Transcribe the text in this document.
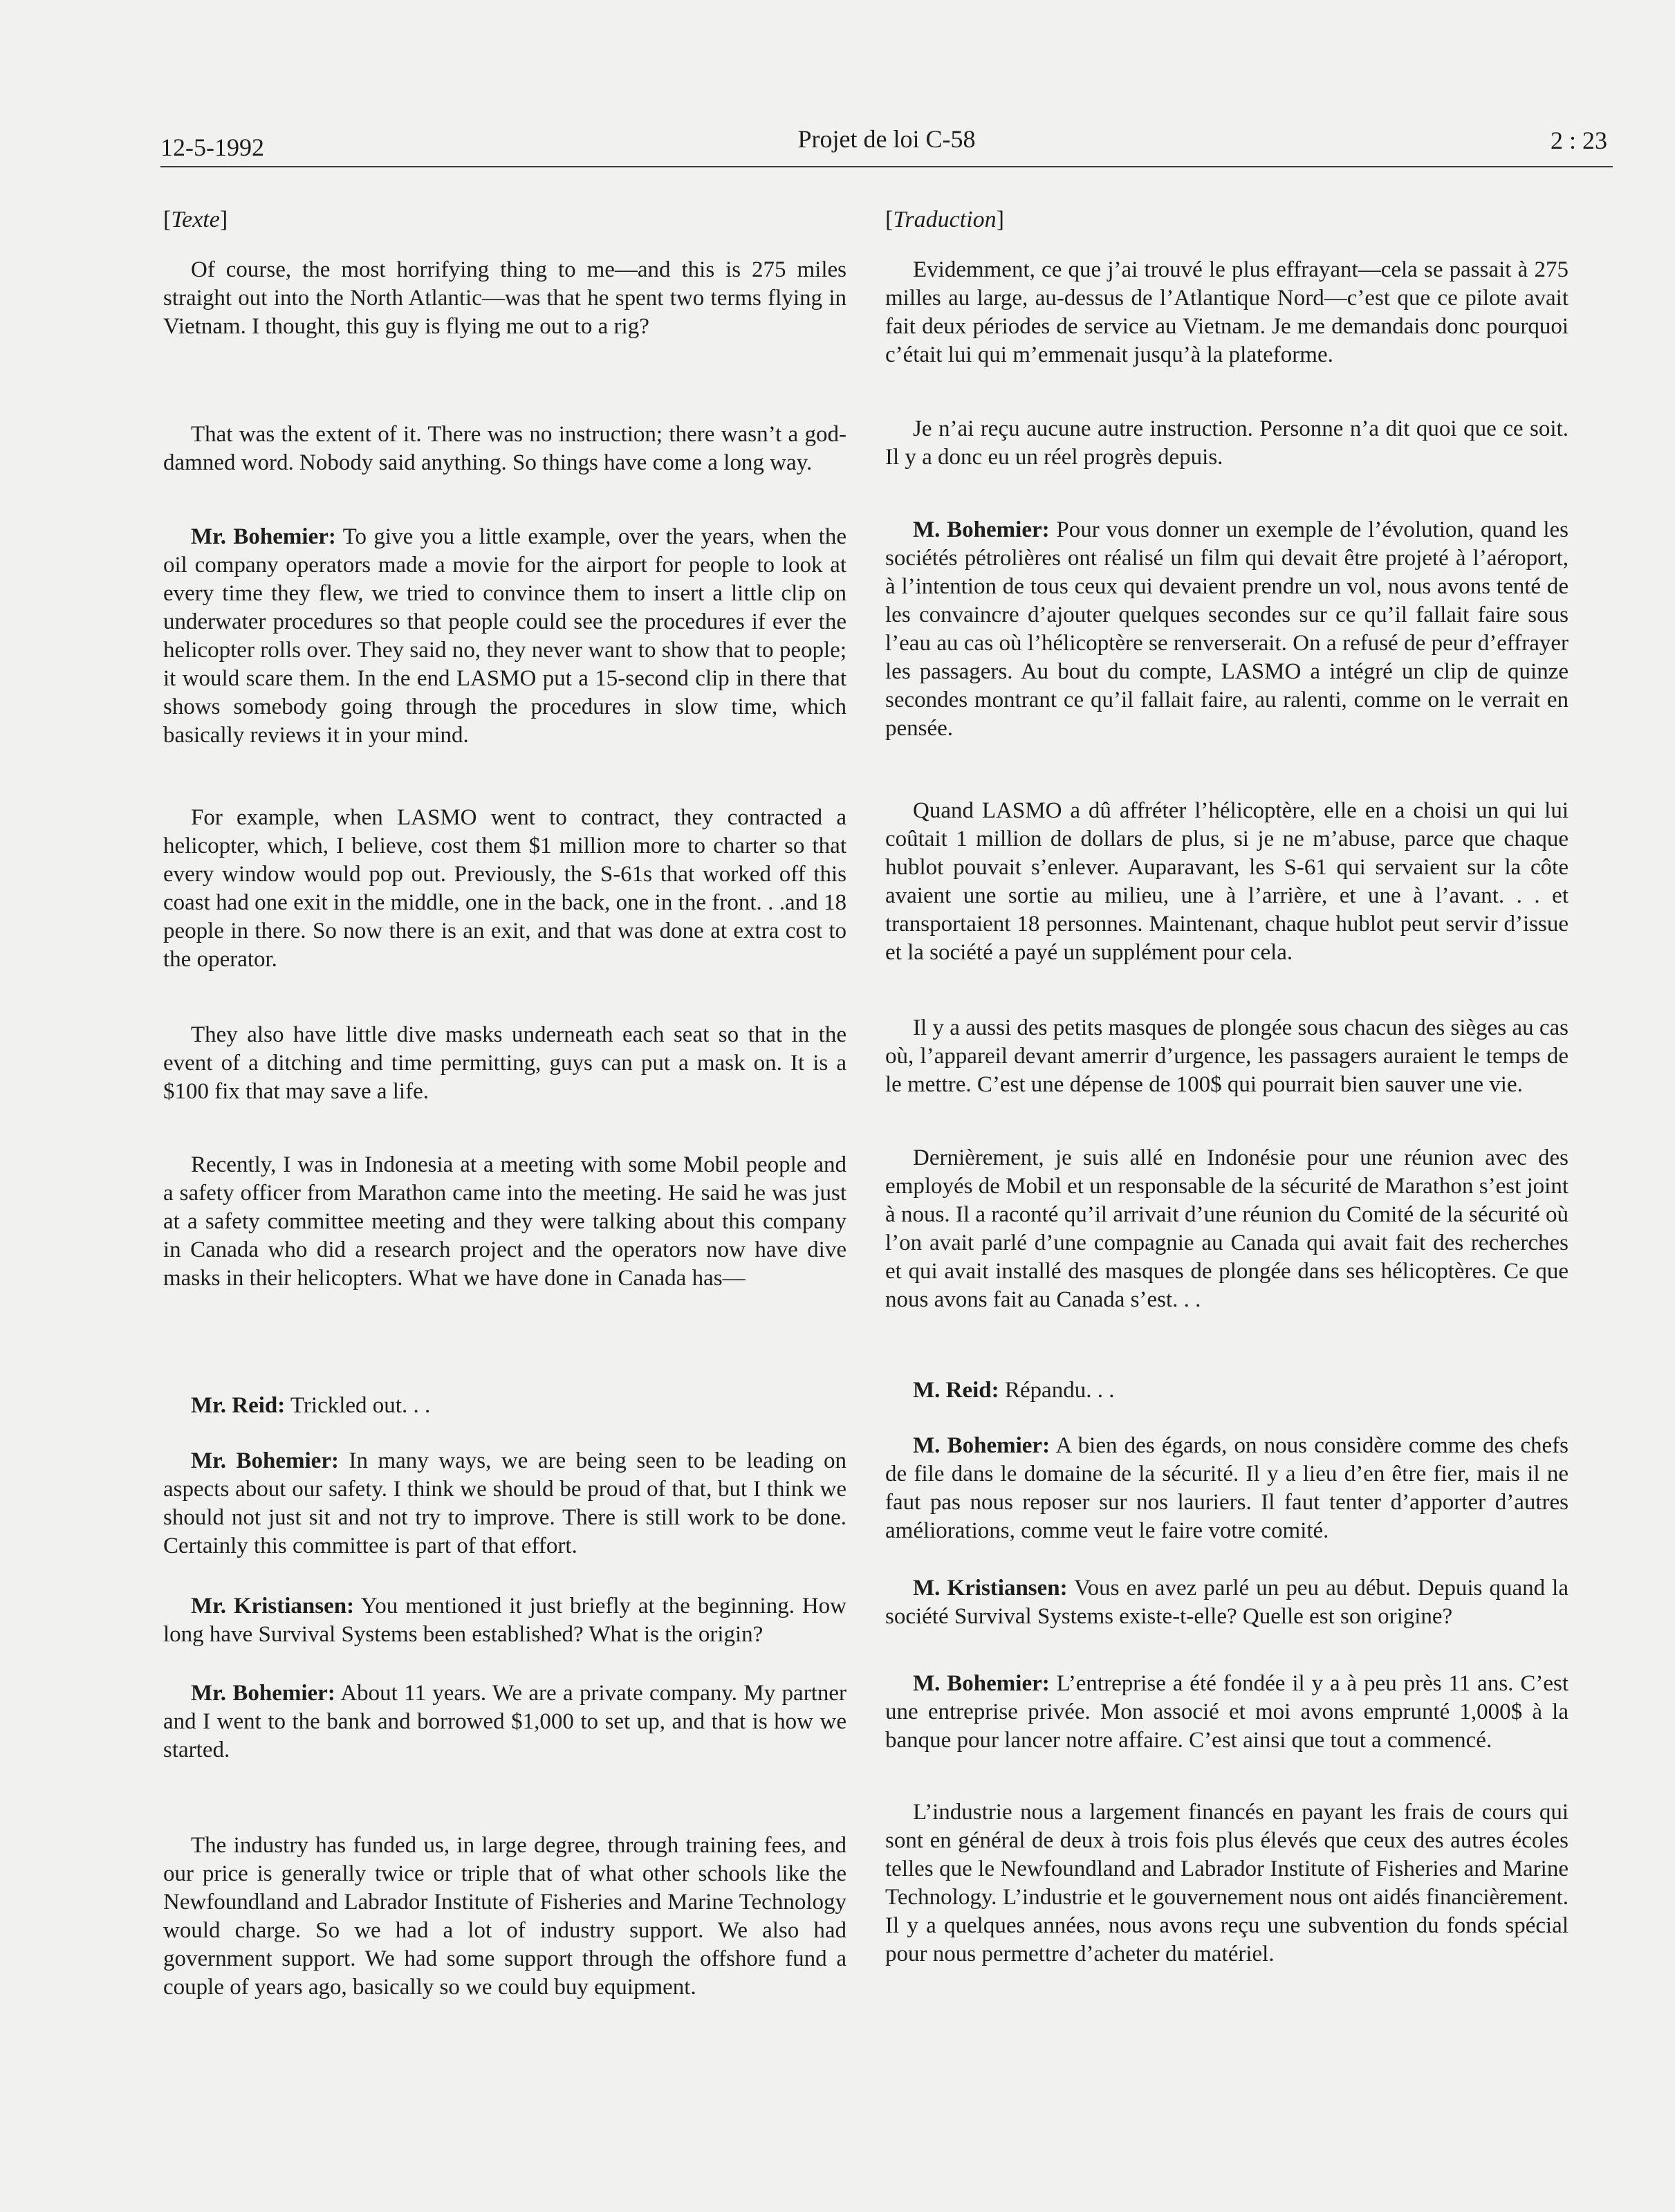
12-5-1992	Projet de loi C-58	2 : 23
[Texte]

Of course, the most horrifying thing to me—and this is 275 miles straight out into the North Atlantic—was that he spent two terms flying in Vietnam. I thought, this guy is flying me out to a rig?

That was the extent of it. There was no instruction; there wasn’t a god-damned word. Nobody said anything. So things have come a long way.

Mr. Bohemier: To give you a little example, over the years, when the oil company operators made a movie for the airport for people to look at every time they flew, we tried to convince them to insert a little clip on underwater procedures so that people could see the procedures if ever the helicopter rolls over. They said no, they never want to show that to people; it would scare them. In the end LASMO put a 15-second clip in there that shows somebody going through the procedures in slow time, which basically reviews it in your mind.

For example, when LASMO went to contract, they contracted a helicopter, which, I believe, cost them $1 million more to charter so that every window would pop out. Previously, the S-61s that worked off this coast had one exit in the middle, one in the back, one in the front. . .and 18 people in there. So now there is an exit, and that was done at extra cost to the operator.

They also have little dive masks underneath each seat so that in the event of a ditching and time permitting, guys can put a mask on. It is a $100 fix that may save a life.

Recently, I was in Indonesia at a meeting with some Mobil people and a safety officer from Marathon came into the meeting. He said he was just at a safety committee meeting and they were talking about this company in Canada who did a research project and the operators now have dive masks in their helicopters. What we have done in Canada has—

Mr. Reid: Trickled out. . .

Mr. Bohemier: In many ways, we are being seen to be leading on aspects about our safety. I think we should be proud of that, but I think we should not just sit and not try to improve. There is still work to be done. Certainly this committee is part of that effort.

Mr. Kristiansen: You mentioned it just briefly at the beginning. How long have Survival Systems been established? What is the origin?

Mr. Bohemier: About 11 years. We are a private company. My partner and I went to the bank and borrowed $1,000 to set up, and that is how we started.

The industry has funded us, in large degree, through training fees, and our price is generally twice or triple that of what other schools like the Newfoundland and Labrador Institute of Fisheries and Marine Technology would charge. So we had a lot of industry support. We also had government support. We had some support through the offshore fund a couple of years ago, basically so we could buy equipment.

[Traduction]

Evidemment, ce que j’ai trouvé le plus effrayant—cela se passait à 275 milles au large, au-dessus de l’Atlantique Nord—c’est que ce pilote avait fait deux périodes de service au Vietnam. Je me demandais donc pourquoi c’était lui qui m’emmenait jusqu’à la plateforme.

Je n’ai reçu aucune autre instruction. Personne n’a dit quoi que ce soit. Il y a donc eu un réel progrès depuis.

M. Bohemier: Pour vous donner un exemple de l’évolution, quand les sociétés pétrolières ont réalisé un film qui devait être projeté à l’aéroport, à l’intention de tous ceux qui devaient prendre un vol, nous avons tenté de les convaincre d’ajouter quelques secondes sur ce qu’il fallait faire sous l’eau au cas où l’hélicoptère se renverserait. On a refusé de peur d’effrayer les passagers. Au bout du compte, LASMO a intégré un clip de quinze secondes montrant ce qu’il fallait faire, au ralenti, comme on le verrait en pensée.

Quand LASMO a dû affréter l’hélicoptère, elle en a choisi un qui lui coûtait 1 million de dollars de plus, si je ne m’abuse, parce que chaque hublot pouvait s’enlever. Auparavant, les S-61 qui servaient sur la côte avaient une sortie au milieu, une à l’arrière, et une à l’avant. . . et transportaient 18 personnes. Maintenant, chaque hublot peut servir d’issue et la société a payé un supplément pour cela.

Il y a aussi des petits masques de plongée sous chacun des sièges au cas où, l’appareil devant amerrir d’urgence, les passagers auraient le temps de le mettre. C’est une dépense de 100$ qui pourrait bien sauver une vie.

Dernièrement, je suis allé en Indonésie pour une réunion avec des employés de Mobil et un responsable de la sécurité de Marathon s’est joint à nous. Il a raconté qu’il arrivait d’une réunion du Comité de la sécurité où l’on avait parlé d’une compagnie au Canada qui avait fait des recherches et qui avait installé des masques de plongée dans ses hélicoptères. Ce que nous avons fait au Canada s’est. . .

M. Reid: Répandu. . .

M. Bohemier: A bien des égards, on nous considère comme des chefs de file dans le domaine de la sécurité. Il y a lieu d’en être fier, mais il ne faut pas nous reposer sur nos lauriers. Il faut tenter d’apporter d’autres améliorations, comme veut le faire votre comité.

M. Kristiansen: Vous en avez parlé un peu au début. Depuis quand la société Survival Systems existe-t-elle? Quelle est son origine?

M. Bohemier: L’entreprise a été fondée il y a à peu près 11 ans. C’est une entreprise privée. Mon associé et moi avons emprunté 1,000$ à la banque pour lancer notre affaire. C’est ainsi que tout a commencé.

L’industrie nous a largement financés en payant les frais de cours qui sont en général de deux à trois fois plus élevés que ceux des autres écoles telles que le Newfoundland and Labrador Institute of Fisheries and Marine Technology. L’industrie et le gouvernement nous ont aidés financièrement. Il y a quelques années, nous avons reçu une subvention du fonds spécial pour nous permettre d’acheter du matériel.
